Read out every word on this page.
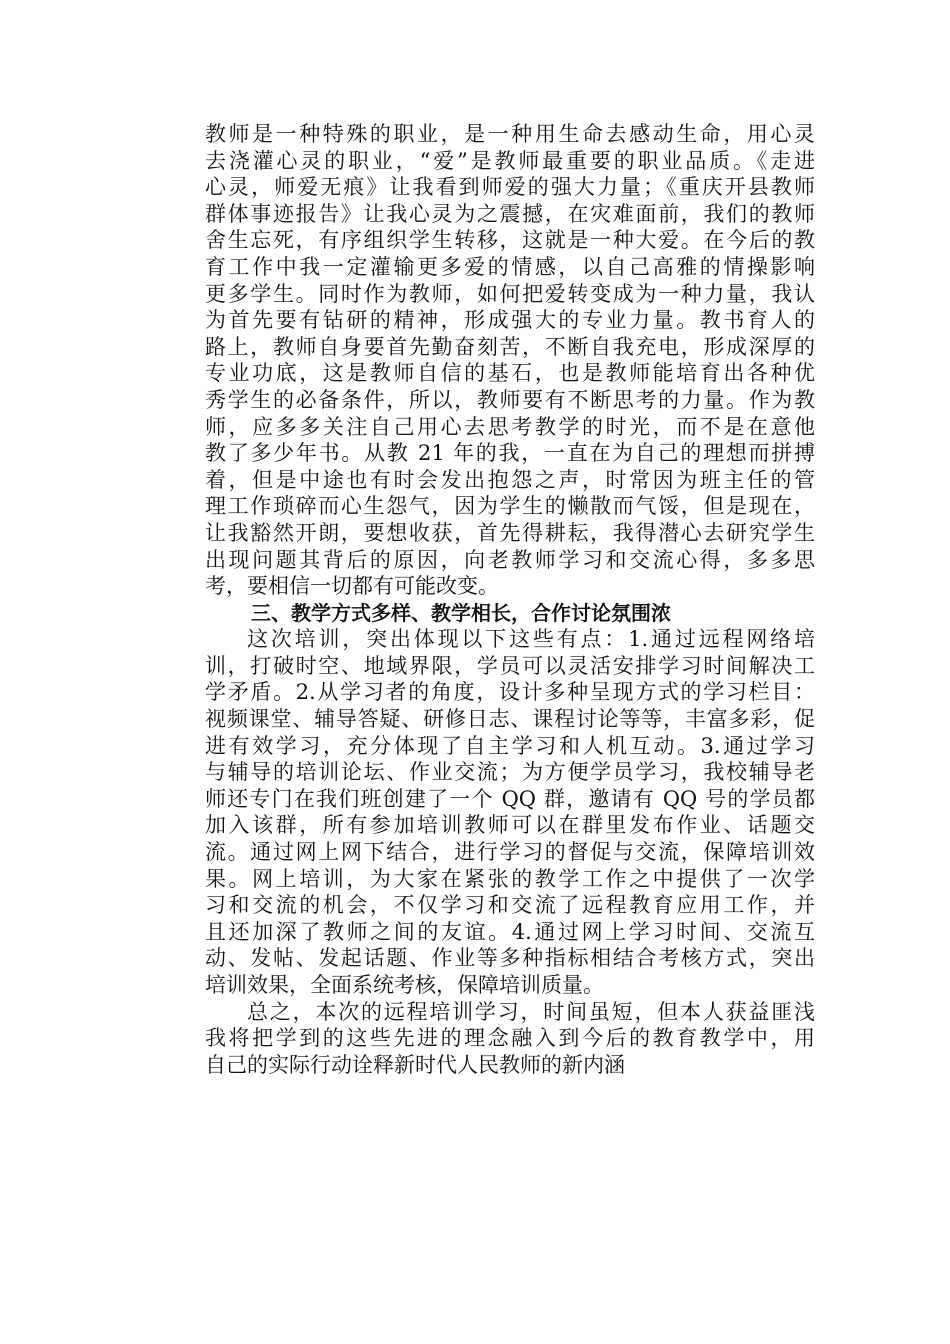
教师是一种特殊的职业，是一种用生命去感动生命，用心灵
去浇灌心灵的职业，“爱”是教师最重要的职业品质。《走进
心灵，师爱无痕》让我看到师爱的强大力量；《重庆开县教师
群体事迹报告》让我心灵为之震撼，在灾难面前，我们的教师
舍生忘死，有序组织学生转移，这就是一种大爱。在今后的教
育工作中我一定灌输更多爱的情感，以自己高雅的情操影响
更多学生。同时作为教师，如何把爱转变成为一种力量，我认
为首先要有钻研的精神，形成强大的专业力量。教书育人的
路上，教师自身要首先勤奋刻苦，不断自我充电，形成深厚的
专业功底，这是教师自信的基石，也是教师能培育出各种优
秀学生的必备条件，所以，教师要有不断思考的力量。作为教
师，应多多关注自己用心去思考教学的时光，而不是在意他
教了多少年书。从教 21 年的我，一直在为自己的理想而拼搏
着，但是中途也有时会发出抱怨之声，时常因为班主任的管
理工作琐碎而心生怨气，因为学生的懒散而气馁，但是现在，
让我豁然开朗，要想收获，首先得耕耘，我得潜心去研究学生
出现问题其背后的原因，向老教师学习和交流心得，多多思
考，要相信一切都有可能改变。
三、教学方式多样、教学相长，合作讨论氛围浓
这次培训，突出体现以下这些有点：1.通过远程网络培
训，打破时空、地域界限，学员可以灵活安排学习时间解决工
学矛盾。2.从学习者的角度，设计多种呈现方式的学习栏目：
视频课堂、辅导答疑、研修日志、课程讨论等等，丰富多彩，促
进有效学习，充分体现了自主学习和人机互动。3.通过学习
与辅导的培训论坛、作业交流；为方便学员学习，我校辅导老
师还专门在我们班创建了一个 QQ 群，邀请有 QQ 号的学员都
加入该群，所有参加培训教师可以在群里发布作业、话题交
流。通过网上网下结合，进行学习的督促与交流，保障培训效
果。网上培训，为大家在紧张的教学工作之中提供了一次学
习和交流的机会，不仅学习和交流了远程教育应用工作，并
且还加深了教师之间的友谊。4.通过网上学习时间、交流互
动、发帖、发起话题、作业等多种指标相结合考核方式，突出
培训效果，全面系统考核，保障培训质量。
总之，本次的远程培训学习，时间虽短，但本人获益匪浅
我将把学到的这些先进的理念融入到今后的教育教学中，用
自己的实际行动诠释新时代人民教师的新内涵
